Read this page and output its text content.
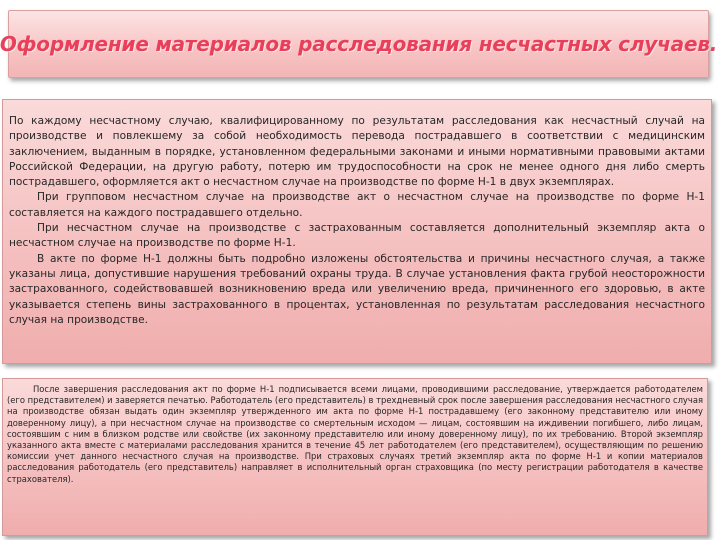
Оформление материалов расследования несчастных случаев.

По каждому несчастному случаю, квалифицированному по результатам расследования как несчастный случай на производстве и повлекшему за собой необходимость перевода пострадавшего в соответствии с медицинским заключением, выданным в порядке, установленном федеральными законами и иными нормативными правовыми актами Российской Федерации, на другую работу, потерю им трудоспособности на срок не менее одного дня либо смерть пострадавшего, оформляется акт о несчастном случае на производстве по форме Н-1 в двух экземплярах.

При групповом несчастном случае на производстве акт о несчастном случае на производстве по форме Н-1 составляется на каждого пострадавшего отдельно.

При несчастном случае на производстве с застрахованным составляется дополнительный экземпляр акта о несчастном случае на производстве по форме Н-1.

В акте по форме Н-1 должны быть подробно изложены обстоятельства и причины несчастного случая, а также указаны лица, допустившие нарушения требований охраны труда. В случае установления факта грубой неосторожности застрахованного, содействовавшей возникновению вреда или увеличению вреда, причиненного его здоровью, в акте указывается степень вины застрахованного в процентах, установленная по результатам расследования несчастного случая на производстве.

После завершения расследования акт по форме Н-1 подписывается всеми лицами, проводившими расследование, утверждается работодателем (его представителем) и заверяется печатью. Работодатель (его представитель) в трехдневный срок после завершения расследования несчастного случая на производстве обязан выдать один экземпляр утвержденного им акта по форме Н-1 пострадавшему (его законному представителю или иному доверенному лицу), а при несчастном случае на производстве со смертельным исходом — лицам, состоявшим на иждивении погибшего, либо лицам, состоявшим с ним в близком родстве или свойстве (их законному представителю или иному доверенному лицу), по их требованию. Второй экземпляр указанного акта вместе с материалами расследования хранится в течение 45 лет работодателем (его представителем), осуществляющим по решению комиссии учет данного несчастного случая на производстве. При страховых случаях третий экземпляр акта по форме Н-1 и копии материалов расследования работодатель (его представитель) направляет в исполнительный орган страховщика (по месту регистрации работодателя в качестве страхователя).
